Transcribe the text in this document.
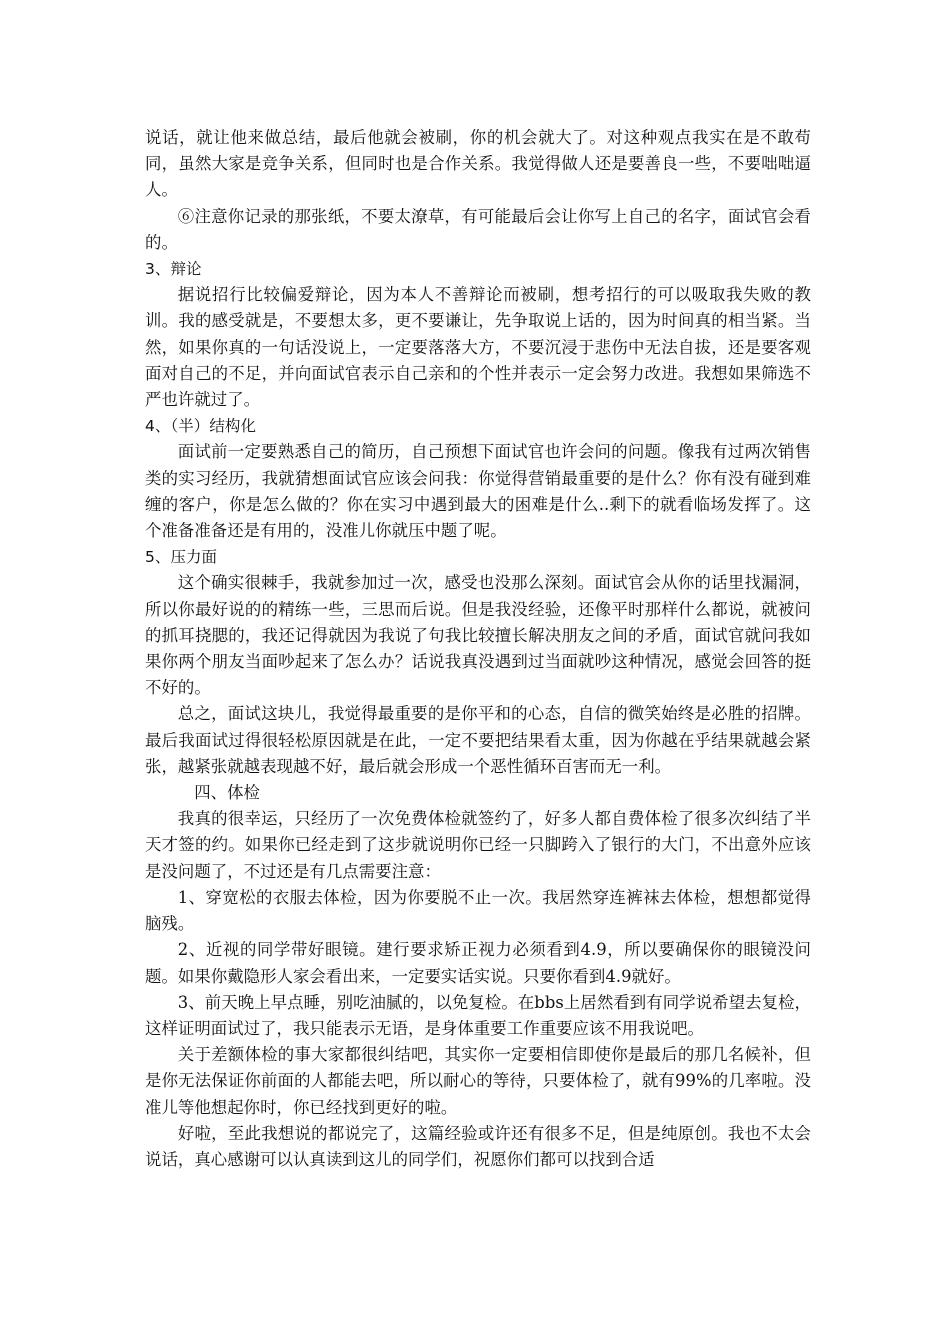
说话，就让他来做总结，最后他就会被刷，你的机会就大了。对这种观点我实在是不敢苟同，虽然大家是竞争关系，但同时也是合作关系。我觉得做人还是要善良一些，不要咄咄逼人。

⑥注意你记录的那张纸，不要太潦草，有可能最后会让你写上自己的名字，面试官会看的。

3、辩论

据说招行比较偏爱辩论，因为本人不善辩论而被刷，想考招行的可以吸取我失败的教训。我的感受就是，不要想太多，更不要谦让，先争取说上话的，因为时间真的相当紧。当然，如果你真的一句话没说上，一定要落落大方，不要沉浸于悲伤中无法自拔，还是要客观面对自己的不足，并向面试官表示自己亲和的个性并表示一定会努力改进。我想如果筛选不严也许就过了。

4、（半）结构化

面试前一定要熟悉自己的简历，自己预想下面试官也许会问的问题。像我有过两次销售类的实习经历，我就猜想面试官应该会问我：你觉得营销最重要的是什么？你有没有碰到难缠的客户，你是怎么做的？你在实习中遇到最大的困难是什么..剩下的就看临场发挥了。这个准备准备还是有用的，没准儿你就压中题了呢。

5、压力面

这个确实很棘手，我就参加过一次，感受也没那么深刻。面试官会从你的话里找漏洞，所以你最好说的的精练一些，三思而后说。但是我没经验，还像平时那样什么都说，就被问的抓耳挠腮的，我还记得就因为我说了句我比较擅长解决朋友之间的矛盾，面试官就问我如果你两个朋友当面吵起来了怎么办？话说我真没遇到过当面就吵这种情况，感觉会回答的挺不好的。

总之，面试这块儿，我觉得最重要的是你平和的心态，自信的微笑始终是必胜的招牌。最后我面试过得很轻松原因就是在此，一定不要把结果看太重，因为你越在乎结果就越会紧张，越紧张就越表现越不好，最后就会形成一个恶性循环百害而无一利。

四、体检

我真的很幸运，只经历了一次免费体检就签约了，好多人都自费体检了很多次纠结了半天才签的约。如果你已经走到了这步就说明你已经一只脚跨入了银行的大门，不出意外应该是没问题了，不过还是有几点需要注意：

1、穿宽松的衣服去体检，因为你要脱不止一次。我居然穿连裤袜去体检，想想都觉得脑残。

2、近视的同学带好眼镜。建行要求矫正视力必须看到4.9，所以要确保你的眼镜没问题。如果你戴隐形人家会看出来，一定要实话实说。只要你看到4.9就好。

3、前天晚上早点睡，别吃油腻的，以免复检。在bbs上居然看到有同学说希望去复检，这样证明面试过了，我只能表示无语，是身体重要工作重要应该不用我说吧。

关于差额体检的事大家都很纠结吧，其实你一定要相信即使你是最后的那几名候补，但是你无法保证你前面的人都能去吧，所以耐心的等待，只要体检了，就有99%的几率啦。没准儿等他想起你时，你已经找到更好的啦。

好啦，至此我想说的都说完了，这篇经验或许还有很多不足，但是纯原创。我也不太会说话，真心感谢可以认真读到这儿的同学们，祝愿你们都可以找到合适
